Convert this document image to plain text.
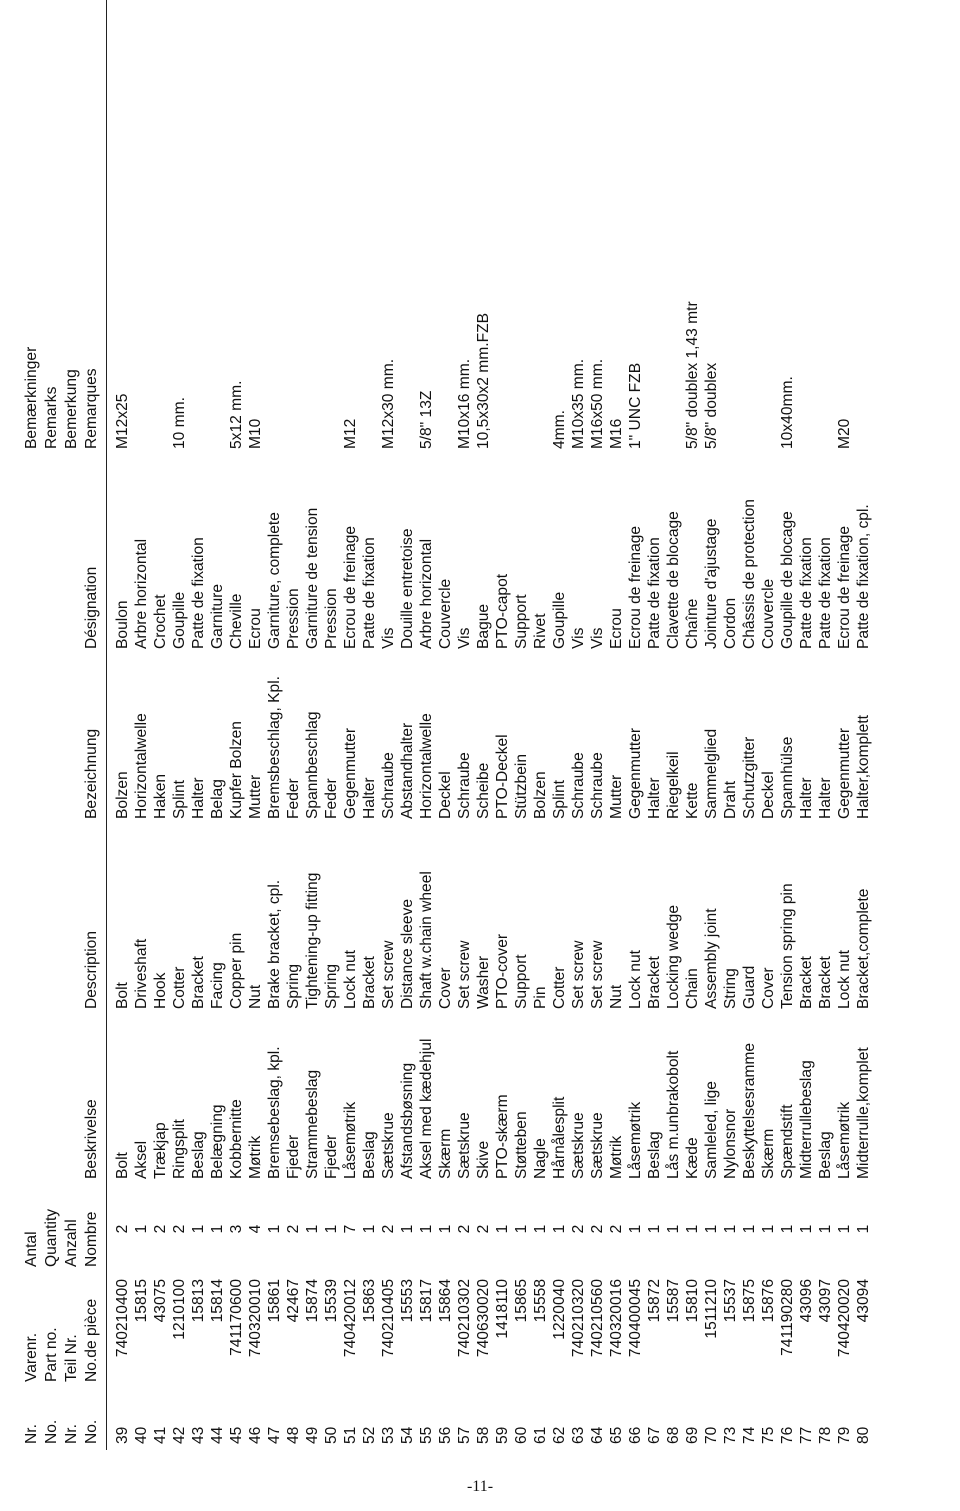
Nr. No. Nr. No.	Varenr. Part no. Teil Nr. No.de pièce	Antal Quantity Anzahl Nombre	Beskrivelse	Description	Bezeichnung	Désignation	Bemærkninger Remarks Bemerkung Remarques

39	740210400	2	Bolt	Bolt	Bolzen	Boulon	M12x25
40	15815	1	Aksel	Driveshaft	Horizontalwelle	Arbre horizontal	
41	43075	2	Trækjap	Hook	Haken	Crochet	
42	1210100	2	Ringsplit	Cotter	Splint	Goupille	10 mm.
43	15813	1	Beslag	Bracket	Halter	Patte de fixation	
44	15814	1	Belægning	Facing	Belag	Garniture	
45	741170600	3	Kobbernitte	Copper pin	Kupfer Bolzen	Cheville	5x12 mm.
46	740320010	4	Møtrik	Nut	Mutter	Ecrou	M10
47	15861	1	Bremsebeslag, kpl.	Brake bracket, cpl.	Bremsbeschlag, Kpl.	Garniture, complete	
48	42467	2	Fjeder	Spring	Feder	Pression	
49	15874	1	Strammebeslag	Tightening-up fitting	Spannbeschlag	Garniture de tension	
50	15539	1	Fjeder	Spring	Feder	Pression	
51	740420012	7	Låsemøtrik	Lock nut	Gegenmutter	Ecrou de freinage	M12
52	15863	1	Beslag	Bracket	Halter	Patte de fixation	
53	740210405	2	Sætskrue	Set screw	Schraube	Vis	M12x30 mm.
54	15553	1	Afstandsbøsning	Distance sleeve	Abstandhalter	Douille entretoise	
55	15817	1	Aksel med kædehjul	Shaft w.chain wheel	Horizontalwelle	Arbre horizontal	5/8" 13Z
56	15864	1	Skærm	Cover	Deckel	Couvercle	
57	740210302	2	Sætskrue	Set screw	Schraube	Vis	M10x16 mm.
58	740630020	2	Skive	Washer	Scheibe	Bague	10,5x30x2 mm.FZB
59	1418110	1	PTO-skærm	PTO-cover	PTO-Deckel	PTO-capot	
60	15865	1	Støtteben	Support	Stützbein	Support	
61	15558	1	Nagle	Pin	Bolzen	Rivet	
62	1220040	1	Hårnålesplit	Cotter	Splint	Goupille	4mm.
63	740210320	2	Sætskrue	Set screw	Schraube	Vis	M10x35 mm.
64	740210560	2	Sætskrue	Set screw	Schraube	Vis	M16x50 mm.
65	740320016	2	Møtrik	Nut	Mutter	Ecrou	M16
66	740400045	1	Låsemøtrik	Lock nut	Gegenmutter	Ecrou de freinage	1" UNC FZB
67	15872	1	Beslag	Bracket	Halter	Patte de fixation	
68	15587	1	Lås m.unbrakobolt	Locking wedge	Riegelkeil	Clavette de blocage	
69	15810	1	Kæde	Chain	Kette	Chaîne	5/8" doublex 1,43 mtr
70	1511210	1	Samleled, lige	Assembly joint	Sammelglied	Jointure d'ajustage	5/8" doublex
73	15537	1	Nylonsnor	String	Draht	Cordon	
74	15875	1	Beskyttelsesramme	Guard	Schutzgitter	Châssis de protection	
75	15876	1	Skærm	Cover	Deckel	Couvercle	
76	741190280	1	Spændstift	Tension spring pin	Spannhülse	Goupille de blocage	10x40mm.
77	43096	1	Midterrullebeslag	Bracket	Halter	Patte de fixation	
78	43097	1	Beslag	Bracket	Halter	Patte de fixation	
79	740420020	1	Låsemøtrik	Lock nut	Gegenmutter	Ecrou de freinage	M20
80	43094	1	Midterrulle,komplet	Bracket,complete	Halter,komplett	Patte de fixation, cpl.	
-11-
